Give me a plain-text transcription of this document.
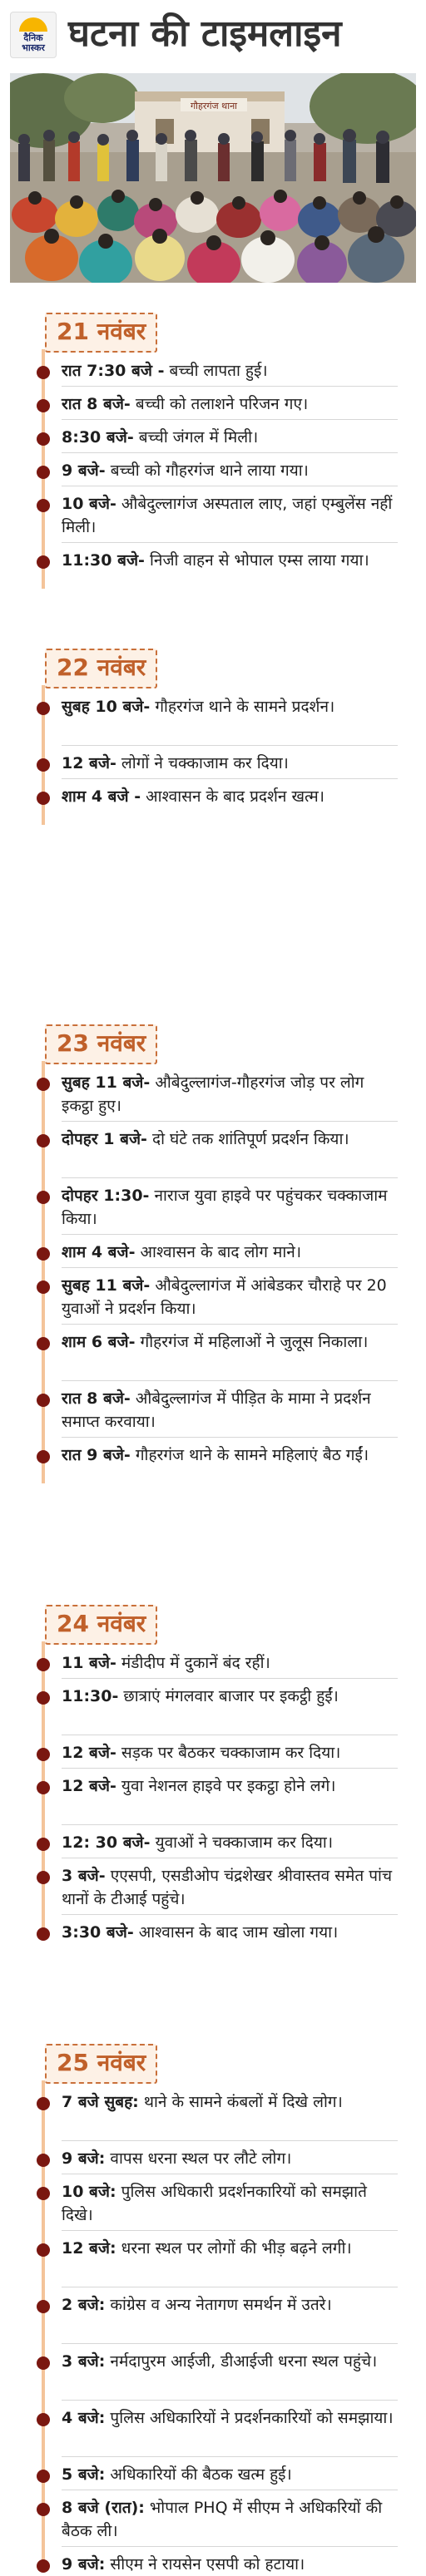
दैनिक
भास्कर घटना की टाइमलाइन
गौहरगंज थाना
21 नवंबर
रात 7:30 बजे - बच्ची लापता हुई।
रात 8 बजे- बच्ची को तलाशने परिजन गए।
8:30 बजे- बच्ची जंगल में मिली।
9 बजे- बच्ची को गौहरगंज थाने लाया गया।
10 बजे- औबेदुल्लागंज अस्पताल लाए, जहां एम्बुलेंस नहीं मिली।
11:30 बजे- निजी वाहन से भोपाल एम्स लाया गया।
22 नवंबर
सुबह 10 बजे- गौहरगंज थाने के सामने प्रदर्शन।
12 बजे- लोगों ने चक्काजाम कर दिया।
शाम 4 बजे - आश्वासन के बाद प्रदर्शन खत्म।
23 नवंबर
सुबह 11 बजे- औबेदुल्लागंज-गौहरगंज जोड़ पर लोग इकट्ठा हुए।
दोपहर 1 बजे- दो घंटे तक शांतिपूर्ण प्रदर्शन किया।
दोपहर 1:30- नाराज युवा हाइवे पर पहुंचकर चक्काजाम किया।
शाम 4 बजे- आश्वासन के बाद लोग माने।
सुबह 11 बजे- औबेदुल्लागंज में आंबेडकर चौराहे पर 20 युवाओं ने प्रदर्शन किया।
शाम 6 बजे- गौहरगंज में महिलाओं ने जुलूस निकाला।
रात 8 बजे- औबेदुल्लागंज में पीड़ित के मामा ने प्रदर्शन समाप्त करवाया।
रात 9 बजे- गौहरगंज थाने के सामने महिलाएं बैठ गईं।
24 नवंबर
11 बजे- मंडीदीप में दुकानें बंद रहीं।
11:30- छात्राएं मंगलवार बाजार पर इकट्ठी हुईं।
12 बजे- सड़क पर बैठकर चक्काजाम कर दिया।
12 बजे- युवा नेशनल हाइवे पर इकट्ठा होने लगे।
12: 30 बजे- युवाओं ने चक्काजाम कर दिया।
3 बजे- एएसपी, एसडीओप चंद्रशेखर श्रीवास्तव समेत पांच थानों के टीआई पहुंचे।
3:30 बजे- आश्वासन के बाद जाम खोला गया।
25 नवंबर
7 बजे सुबह: थाने के सामने कंबलों में दिखे लोग।
9 बजे: वापस धरना स्थल पर लौटे लोग।
10 बजे: पुलिस अधिकारी प्रदर्शनकारियों को समझाते दिखे।
12 बजे: धरना स्थल पर लोगों की भीड़ बढ़ने लगी।
2 बजे: कांग्रेस व अन्य नेतागण समर्थन में उतरे।
3 बजे: नर्मदापुरम आईजी, डीआईजी धरना स्थल पहुंचे।
4 बजे: पुलिस अधिकारियों ने प्रदर्शनकारियों को समझाया।
5 बजे: अधिकारियों की बैठक खत्म हुई।
8 बजे (रात): भोपाल PHQ में सीएम ने अधिकरियों की बैठक ली।
9 बजे: सीएम ने रायसेन एसपी को हटाया।
